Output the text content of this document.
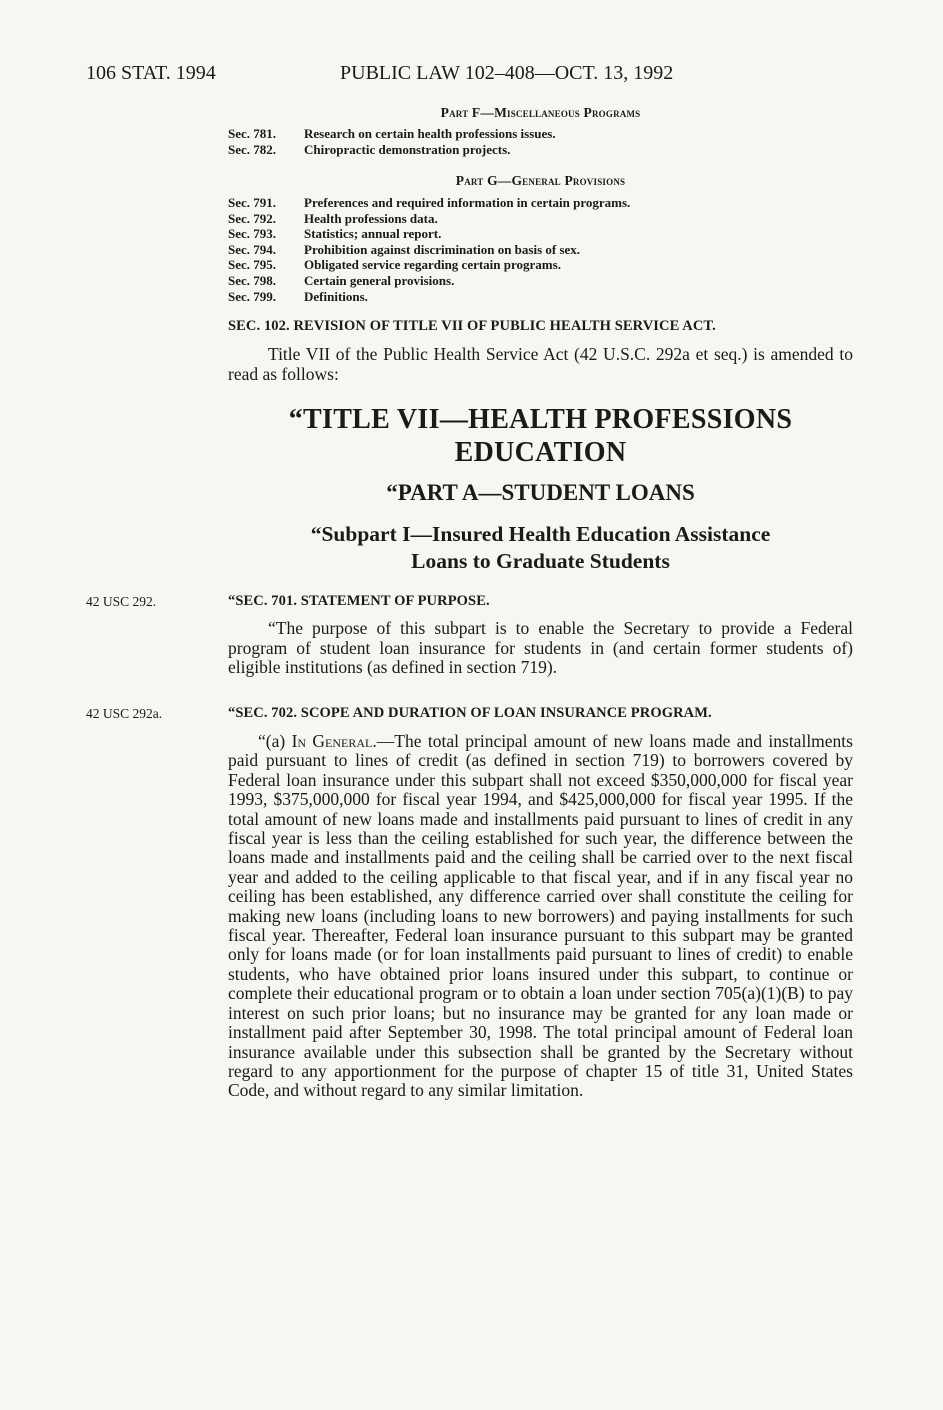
106 STAT. 1994	PUBLIC LAW 102–408—OCT. 13, 1992
Part F—Miscellaneous Programs
Sec. 781.	Research on certain health professions issues.
Sec. 782.	Chiropractic demonstration projects.
Part G—General Provisions
Sec. 791.	Preferences and required information in certain programs.
Sec. 792.	Health professions data.
Sec. 793.	Statistics; annual report.
Sec. 794.	Prohibition against discrimination on basis of sex.
Sec. 795.	Obligated service regarding certain programs.
Sec. 798.	Certain general provisions.
Sec. 799.	Definitions.
SEC. 102. REVISION OF TITLE VII OF PUBLIC HEALTH SERVICE ACT.
Title VII of the Public Health Service Act (42 U.S.C. 292a et seq.) is amended to read as follows:
“TITLE VII—HEALTH PROFESSIONS
EDUCATION
“PART A—STUDENT LOANS
“Subpart I—Insured Health Education Assistance
Loans to Graduate Students
42 USC 292.	“SEC. 701. STATEMENT OF PURPOSE.
“The purpose of this subpart is to enable the Secretary to provide a Federal program of student loan insurance for students in (and certain former students of) eligible institutions (as defined in section 719).
42 USC 292a.	“SEC. 702. SCOPE AND DURATION OF LOAN INSURANCE PROGRAM.
“(a) In General.—The total principal amount of new loans made and installments paid pursuant to lines of credit (as defined in section 719) to borrowers covered by Federal loan insurance under this subpart shall not exceed $350,000,000 for fiscal year 1993, $375,000,000 for fiscal year 1994, and $425,000,000 for fiscal year 1995. If the total amount of new loans made and installments paid pursuant to lines of credit in any fiscal year is less than the ceiling established for such year, the difference between the loans made and installments paid and the ceiling shall be carried over to the next fiscal year and added to the ceiling applicable to that fiscal year, and if in any fiscal year no ceiling has been established, any difference carried over shall constitute the ceiling for making new loans (including loans to new borrowers) and paying installments for such fiscal year. Thereafter, Federal loan insurance pursuant to this subpart may be granted only for loans made (or for loan installments paid pursuant to lines of credit) to enable students, who have obtained prior loans insured under this subpart, to continue or complete their educational program or to obtain a loan under section 705(a)(1)(B) to pay interest on such prior loans; but no insurance may be granted for any loan made or installment paid after September 30, 1998. The total principal amount of Federal loan insurance available under this subsection shall be granted by the Secretary without regard to any apportionment for the purpose of chapter 15 of title 31, United States Code, and without regard to any similar limitation.
